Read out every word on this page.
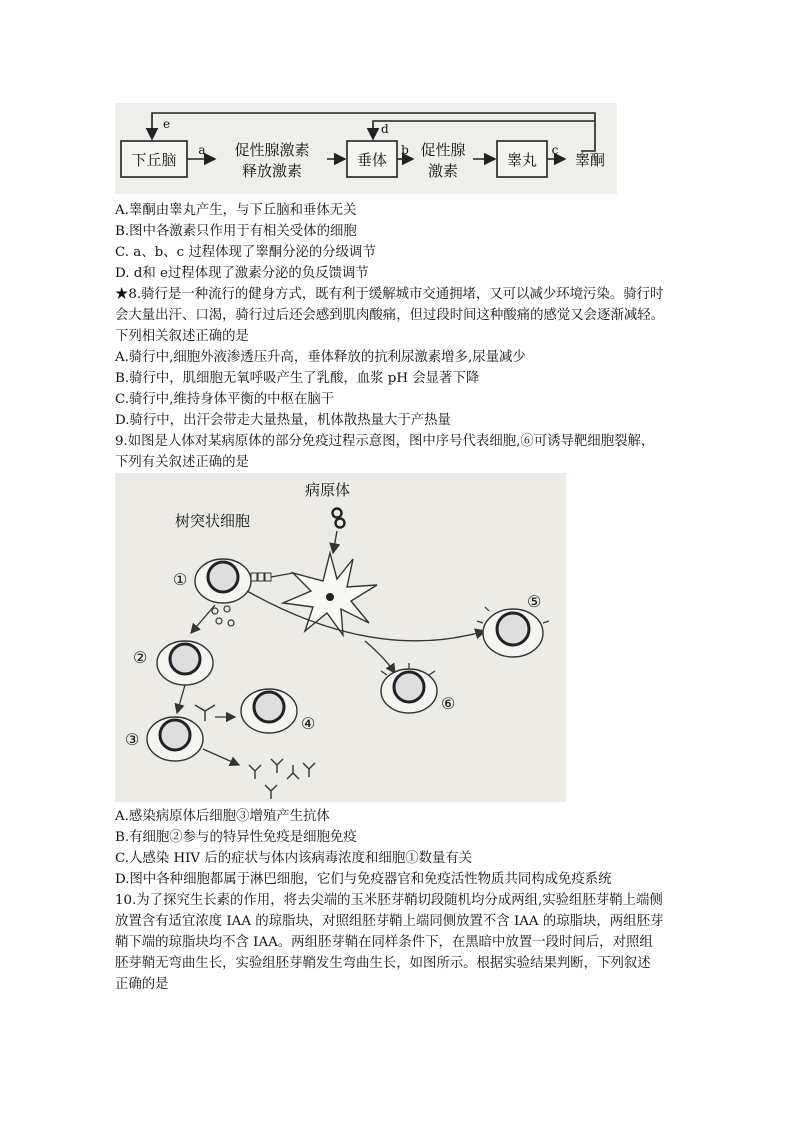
下丘脑	垂体	睾丸
促性腺激素
释放激素
促性腺
激素
睾酮
a	b	c
d
e
A.睾酮由睾丸产生，与下丘脑和垂体无关
B.图中各激素只作用于有相关受体的细胞
C. a、b、c 过程体现了睾酮分泌的分级调节
D. d和 e过程体现了激素分泌的负反馈调节
★8.骑行是一种流行的健身方式，既有利于缓解城市交通拥堵，又可以减少环境污染。骑行时
会大量出汗、口渴，骑行过后还会感到肌肉酸痛，但过段时间这种酸痛的感觉又会逐渐减轻。
下列相关叙述正确的是
A.骑行中,细胞外液渗透压升高，垂体释放的抗利尿激素增多,尿量减少
B.骑行中，肌细胞无氧呼吸产生了乳酸，血浆 pH 会显著下降
C.骑行中,维持身体平衡的中枢在脑干
D.骑行中，出汗会带走大量热量，机体散热量大于产热量
9.如图是人体对某病原体的部分免疫过程示意图，图中序号代表细胞,⑥可诱导靶细胞裂解，
下列有关叙述正确的是
病原体
树突状细胞
①
②
⑤
⑥
④
③
A.感染病原体后细胞③增殖产生抗体
B.有细胞②参与的特异性免疫是细胞免疫
C.人感染 HIV 后的症状与体内该病毒浓度和细胞①数量有关
D.图中各种细胞都属于淋巴细胞，它们与免疫器官和免疫活性物质共同构成免疫系统
10.为了探究生长素的作用，将去尖端的玉米胚芽鞘切段随机均分成两组,实验组胚芽鞘上端侧
放置含有适宜浓度 IAA 的琼脂块，对照组胚芽鞘上端同侧放置不含 IAA 的琼脂块，两组胚芽
鞘下端的琼脂块均不含 IAA。两组胚芽鞘在同样条件下，在黑暗中放置一段时间后，对照组
胚芽鞘无弯曲生长，实验组胚芽鞘发生弯曲生长，如图所示。根据实验结果判断，下列叙述
正确的是
